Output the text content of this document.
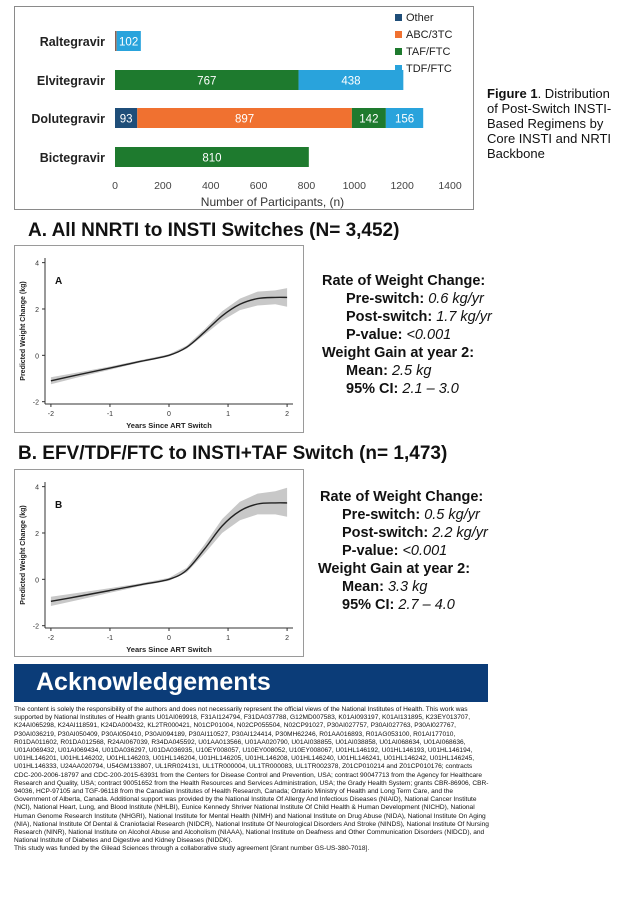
Raltegravir 102
Elvitegravir	767	438
Dolutegravir 93	897	142 156
Bictegravir	810
0	200	400	600	800	1000 1200 1400
Number of Participants, (n)
Other
ABC/3TC
TAF/FTC
TDF/FTC
Figure 1. Distribution of Post-Switch INSTI-Based Regimens by Core INSTI and NRTI Backbone
A. All NNRTI to INSTI Switches (N= 3,452)
-2
0
2
4
-2	-1	0	1	2
A
Years Since ART Switch
Predicted Weight Change (kg)
Rate of Weight Change:
Pre-switch: 0.6 kg/yr
Post-switch: 1.7 kg/yr
P-value: <0.001
Weight Gain at year 2:
Mean: 2.5 kg
95% CI: 2.1 – 3.0
B. EFV/TDF/FTC to INSTI+TAF Switch (n= 1,473)
-2
0
2
4
-2	-1	0	1	2
B
Years Since ART Switch
Predicted Weight Change (kg)
Rate of Weight Change:
Pre-switch: 0.5 kg/yr
Post-switch: 2.2 kg/yr
P-value: <0.001
Weight Gain at year 2:
Mean: 3.3 kg
95% CI: 2.7 – 4.0
Acknowledgements

The content is solely the responsibility of the authors and does not necessarily represent the official views of the National Institutes of Health. This work was supported by National Institutes of Health grants U01AI069918, F31AI124794, F31DA037788, G12MD007583, K01AI093197, K01AI131895, K23EY013707, K24AI065298, K24AI118591, K24DA000432, KL2TR000421, N01CP01004, N02CP055504, N02CP91027, P30AI027757, P30AI027763, P30AI027767, P30AI036219, P30AI050409, P30AI050410, P30AI094189, P30AI110527, P30AI124414, P30MH62246, R01AA016893, R01AG053100, R01AI177010, R01DA011602, R01DA012568, R24AI067039, R34DA045592, U01AA013566, U01AA020790, U01AI038855, U01AI038858, U01AI068634, U01AI068636, U01AI069432, U01AI069434, U01DA036297, U01DA036935, U10EY008057, U10EY008052, U10EY008067, U01HL146192, U01HL146193, U01HL146194, U01HL146201, U01HL146202, U01HL146203, U01HL146204, U01HL146205, U01HL146208, U01HL146240, U01HL146241, U01HL146242, U01HL146245, U01HL146333, U24AA020794, U54GM133807, UL1RR024131, UL1TR000004, UL1TR000083, UL1TR002378, Z01CP010214 and Z01CP010176; contracts CDC-200-2006-18797 and CDC-200-2015-63931 from the Centers for Disease Control and Prevention, USA; contract 90047713 from the Agency for Healthcare Research and Quality, USA; contract 90051652 from the Health Resources and Services Administration, USA; the Grady Health System; grants CBR-86906, CBR-94036, HCP-97105 and TGF-96118 from the Canadian Institutes of Health Research, Canada; Ontario Ministry of Health and Long Term Care, and the Government of Alberta, Canada. Additional support was provided by the National Institute Of Allergy And Infectious Diseases (NIAID), National Cancer Institute (NCI), National Heart, Lung, and Blood Institute (NHLBI), Eunice Kennedy Shriver National Institute Of Child Health & Human Development (NICHD), National Human Genome Research Institute (NHGRI), National Institute for Mental Health (NIMH) and National Institute on Drug Abuse (NIDA), National Institute On Aging (NIA), National Institute Of Dental & Craniofacial Research (NIDCR), National Institute Of Neurological Disorders And Stroke (NINDS), National Institute Of Nursing Research (NINR), National Institute on Alcohol Abuse and Alcoholism (NIAAA), National Institute on Deafness and Other Communication Disorders (NIDCD), and National Institute of Diabetes and Digestive and Kidney Diseases (NIDDK).

This study was funded by the Gilead Sciences through a collaborative study agreement [Grant number GS-US-380-7018].
